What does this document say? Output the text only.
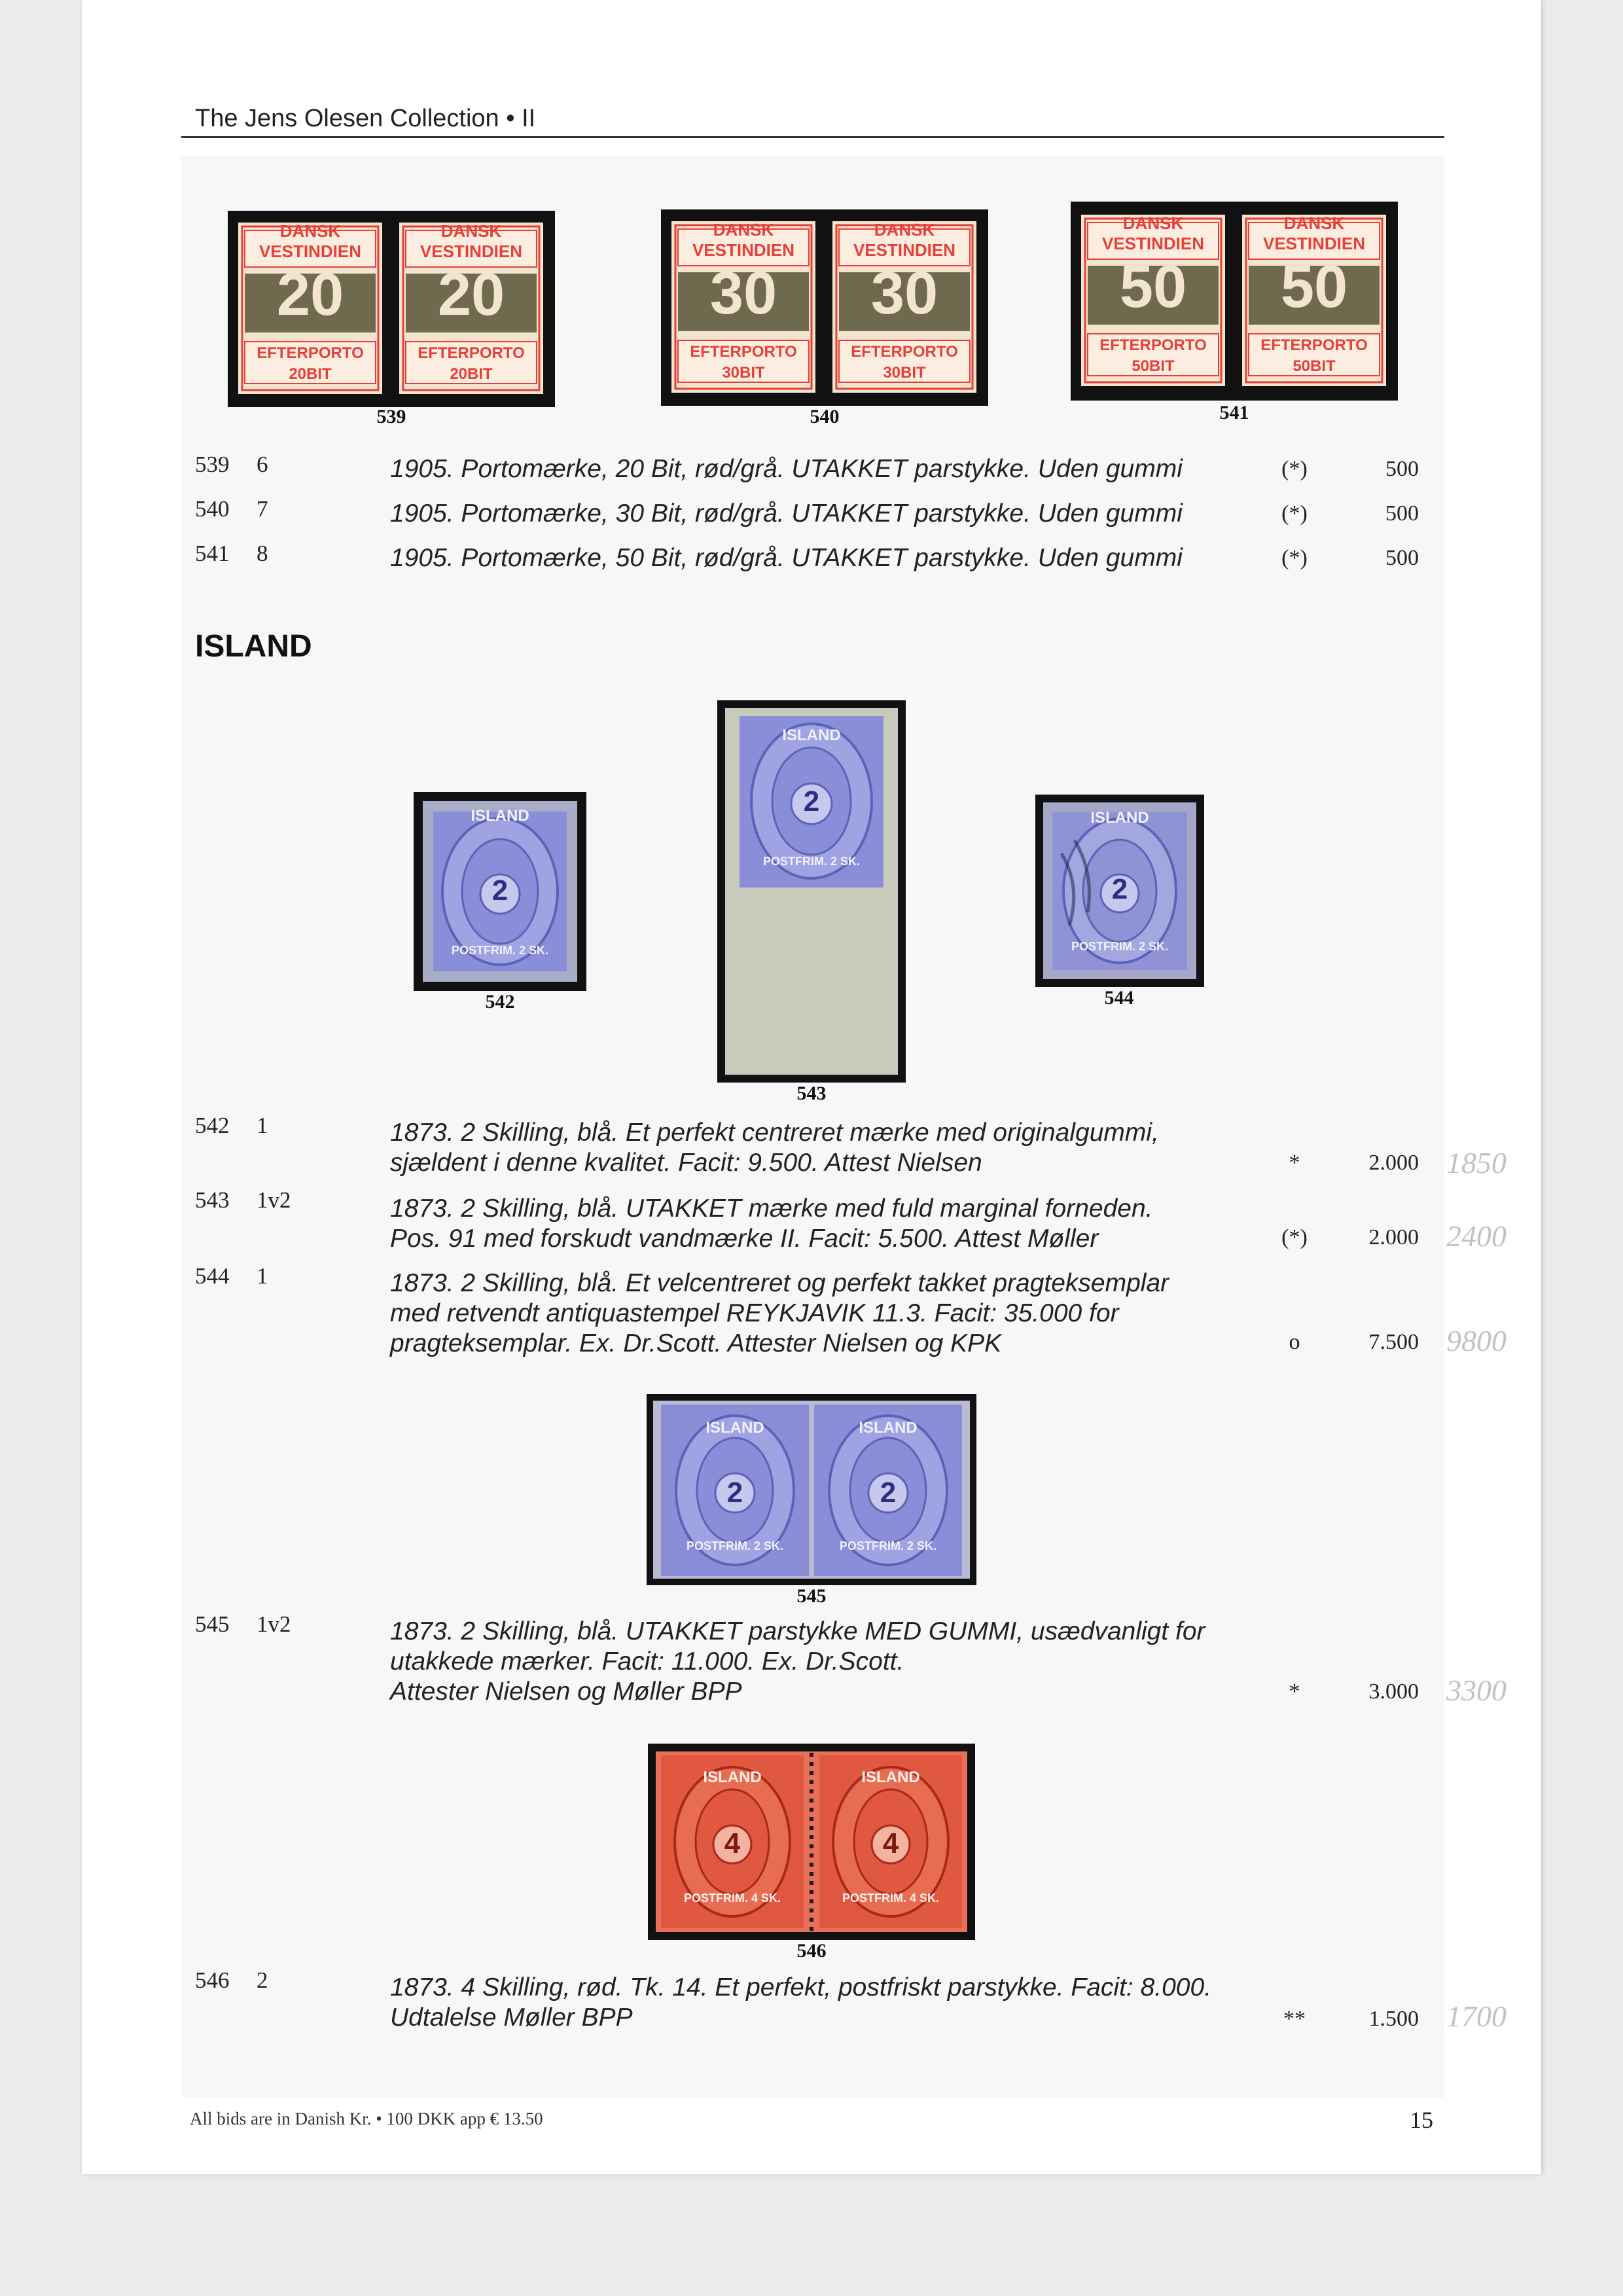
The Jens Olesen Collection • II
DANSK VESTINDIEN
DANSK VESTINDIEN
20	20
EFTERPORTO	EFTERPORTO
20BIT	20BIT
539
DANSK VESTINDIEN
DANSK VESTINDIEN
30	30
EFTERPORTO	EFTERPORTO
30BIT	30BIT
540
DANSK VESTINDIEN
DANSK VESTINDIEN
50	50
EFTERPORTO	EFTERPORTO
50BIT	50BIT
541
539 6	1905. Portomærke, 20 Bit, rød/grå. UTAKKET parstykke. Uden gummi	(*)	500
540 7	1905. Portomærke, 30 Bit, rød/grå. UTAKKET parstykke. Uden gummi	(*)	500
541 8	1905. Portomærke, 50 Bit, rød/grå. UTAKKET parstykke. Uden gummi	(*)	500
ISLAND
ISLAND
2
POSTFRIM. 2 SK.
542
ISLAND
2
POSTFRIM. 2 SK.
543
ISLAND
2
POSTFRIM. 2 SK.
544
542 1	1873. 2 Skilling, blå. Et perfekt centreret mærke med originalgummi,
sjældent i denne kvalitet. Facit: 9.500. Attest Nielsen	*	2.000 1850
543 1v2	1873. 2 Skilling, blå. UTAKKET mærke med fuld marginal forneden.
Pos. 91 med forskudt vandmærke II. Facit: 5.500. Attest Møller	(*)	2.000 2400
544 1	1873. 2 Skilling, blå. Et velcentreret og perfekt takket pragteksemplar
med retvendt antiquastempel REYKJAVIK 11.3. Facit: 35.000 for
pragteksemplar. Ex. Dr.Scott. Attester Nielsen og KPK	o	7.500 9800
ISLAND	ISLAND
2	2
POSTFRIM. 2 SK.	POSTFRIM. 2 SK.
545
545 1v2	1873. 2 Skilling, blå. UTAKKET parstykke MED GUMMI, usædvanligt for
utakkede mærker. Facit: 11.000. Ex. Dr.Scott.
Attester Nielsen og Møller BPP	*	3.000 3300
ISLAND	ISLAND
4	4
POSTFRIM. 4 SK.	POSTFRIM. 4 SK.
546
546 2	1873. 4 Skilling, rød. Tk. 14. Et perfekt, postfriskt parstykke. Facit: 8.000.
Udtalelse Møller BPP	**	1.500 1700
All bids are in Danish Kr. • 100 DKK app € 13.50	15
